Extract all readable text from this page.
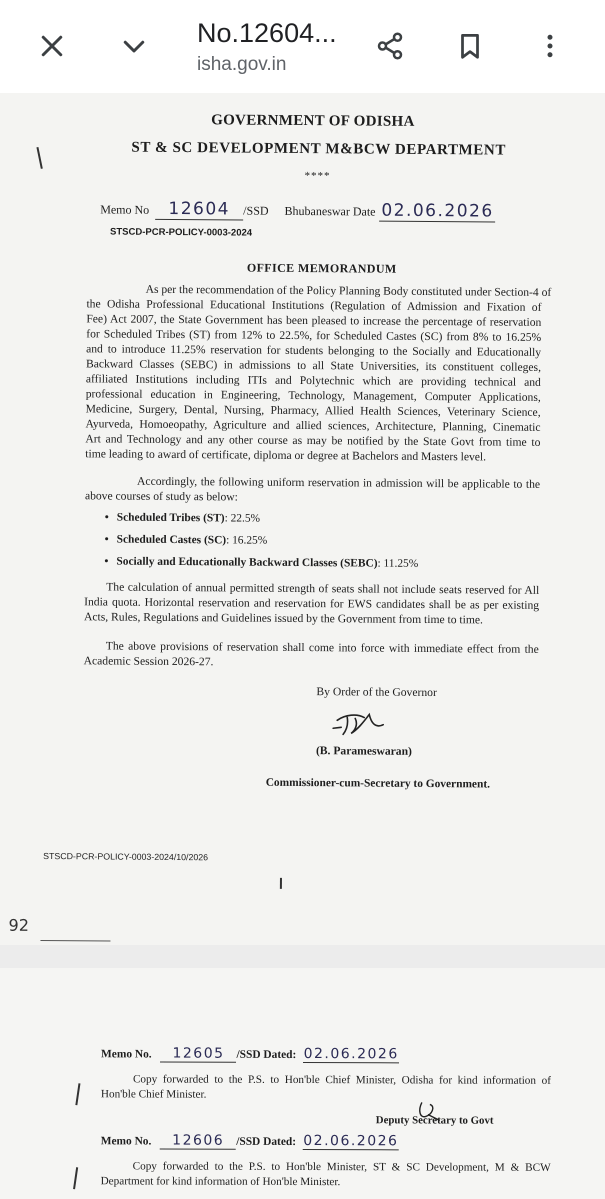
No.12604...
isha.gov.in
GOVERNMENT OF ODISHA
ST & SC DEVELOPMENT M&BCW DEPARTMENT
****
Memo No 12604 /SSD Bhubaneswar Date 02.06.2026
STSCD-PCR-POLICY-0003-2024
OFFICE MEMORANDUM
As per the recommendation of the Policy Planning Body constituted under Section-4 of
the Odisha Professional Educational Institutions (Regulation of Admission and Fixation of
Fee) Act 2007, the State Government has been pleased to increase the percentage of reservation
for Scheduled Tribes (ST) from 12% to 22.5%, for Scheduled Castes (SC) from 8% to 16.25%
and to introduce 11.25% reservation for students belonging to the Socially and Educationally
Backward Classes (SEBC) in admissions to all State Universities, its constituent colleges,
affiliated Institutions including ITIs and Polytechnic which are providing technical and
professional education in Engineering, Technology, Management, Computer Applications,
Medicine, Surgery, Dental, Nursing, Pharmacy, Allied Health Sciences, Veterinary Science,
Ayurveda, Homoeopathy, Agriculture and allied sciences, Architecture, Planning, Cinematic
Art and Technology and any other course as may be notified by the State Govt from time to
time leading to award of certificate, diploma or degree at Bachelors and Masters level.
Accordingly, the following uniform reservation in admission will be applicable to the
above courses of study as below:
• Scheduled Tribes (ST): 22.5%
• Scheduled Castes (SC): 16.25%
• Socially and Educationally Backward Classes (SEBC): 11.25%
The calculation of annual permitted strength of seats shall not include seats reserved for All
India quota. Horizontal reservation and reservation for EWS candidates shall be as per existing
Acts, Rules, Regulations and Guidelines issued by the Government from time to time.
The above provisions of reservation shall come into force with immediate effect from the
Academic Session 2026-27.
By Order of the Governor
(B. Parameswaran)
Commissioner-cum-Secretary to Government.
STSCD-PCR-POLICY-0003-2024/10/2026
92
Memo No. 12605 /SSD Dated: 02.06.2026
Copy forwarded to the P.S. to Hon'ble Chief Minister, Odisha for kind information of
Hon'ble Chief Minister.
Deputy Secretary to Govt
Memo No. 12606 /SSD Dated: 02.06.2026
Copy forwarded to the P.S. to Hon'ble Minister, ST & SC Development, M & BCW
Department for kind information of Hon'ble Minister.
